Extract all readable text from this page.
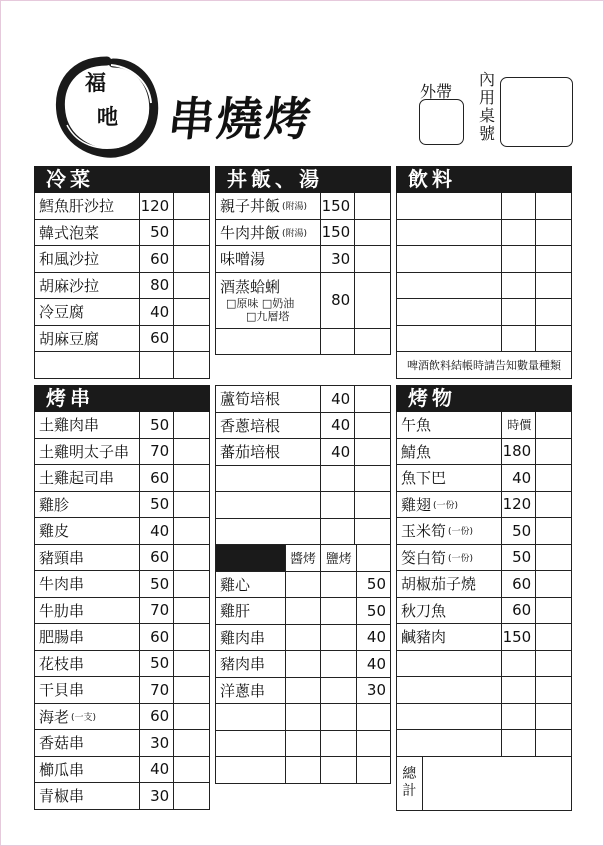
福
吔 串燒烤
外帶
內用桌號
冷菜
鱈魚肝沙拉 120
韓式泡菜	50
和風沙拉	60
胡麻沙拉	80
冷豆腐	40
胡麻豆腐	60
丼飯、湯
親子丼飯 (附湯) 150
牛肉丼飯 (附湯) 150
味噌湯	30
酒蒸蛤蜊
□原味 □奶油
□九層塔
80
飲料
啤酒飲料結帳時請告知數量種類
烤串
土雞肉串	50
土雞明太子串	70
土雞起司串	60
雞胗	50
雞皮	40
豬頸串	60
牛肉串	50
牛肋串	70
肥腸串	60
花枝串	50
干貝串	70
海老 (一支)	60
香菇串	30
櫛瓜串	40
青椒串	30
蘆筍培根	40
香蔥培根	40
蕃茄培根	40
醬烤 鹽烤
雞心	50
雞肝	50
雞肉串	40
豬肉串	40
洋蔥串	30
烤物
午魚	時價
鯖魚	180
魚下巴	40
雞翅 (一份)	120
玉米筍 (一份)	50
筊白筍 (一份)	50
胡椒茄子燒	60
秋刀魚	60
鹹豬肉	150
總計
